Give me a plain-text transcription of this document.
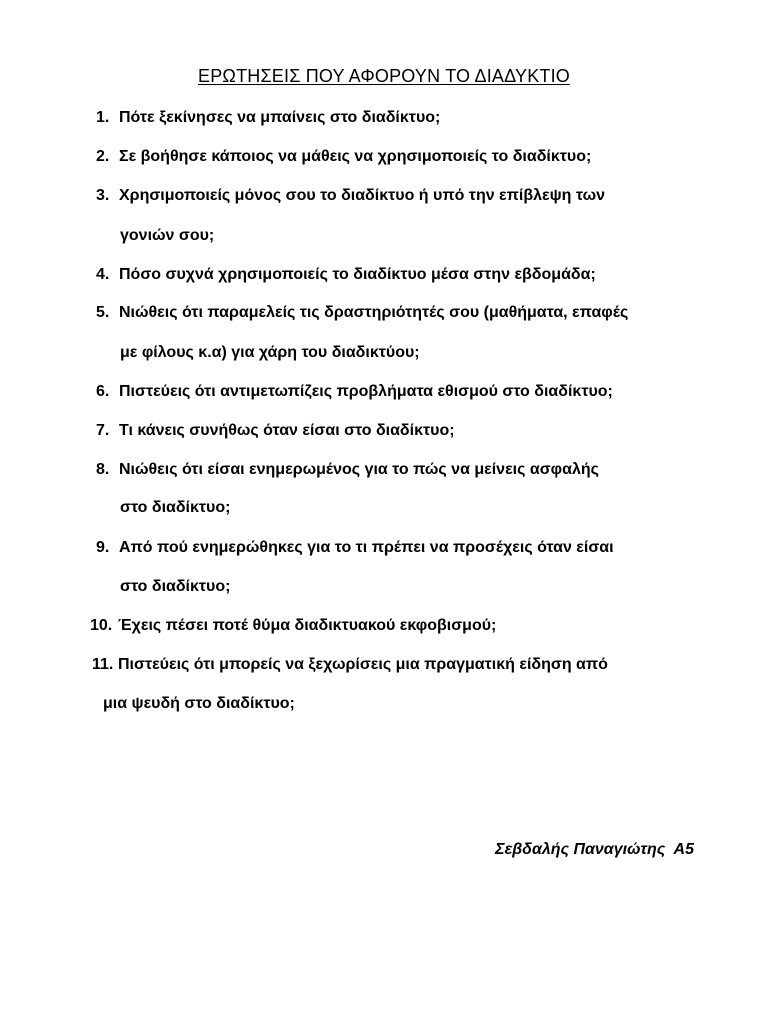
ΕΡΩΤΗΣΕΙΣ ΠΟΥ ΑΦΟΡΟΥΝ ΤΟ ΔΙΑΔΥΚΤΙΟ
1. Πότε ξεκίνησες να μπαίνεις στο διαδίκτυο;
2. Σε βοήθησε κάποιος να μάθεις να χρησιμοποιείς το διαδίκτυο;
3. Χρησιμοποιείς μόνος σου το διαδίκτυο ή υπό την επίβλεψη των
γονιών σου;
4. Πόσο συχνά χρησιμοποιείς το διαδίκτυο μέσα στην εβδομάδα;
5. Νιώθεις ότι παραμελείς τις δραστηριότητές σου (μαθήματα, επαφές
με φίλους κ.α) για χάρη του διαδικτύου;
6. Πιστεύεις ότι αντιμετωπίζεις προβλήματα εθισμού στο διαδίκτυο;
7. Τι κάνεις συνήθως όταν είσαι στο διαδίκτυο;
8. Νιώθεις ότι είσαι ενημερωμένος για το πώς να μείνεις ασφαλής
στο διαδίκτυο;
9. Από πού ενημερώθηκες για το τι πρέπει να προσέχεις όταν είσαι
στο διαδίκτυο;
10. Έχεις πέσει ποτέ θύμα διαδικτυακού εκφοβισμού;
11. Πιστεύεις ότι μπορείς να ξεχωρίσεις μια πραγματική είδηση από
μια ψευδή στο διαδίκτυο;
Σεβδαλής Παναγιώτης  Α5
